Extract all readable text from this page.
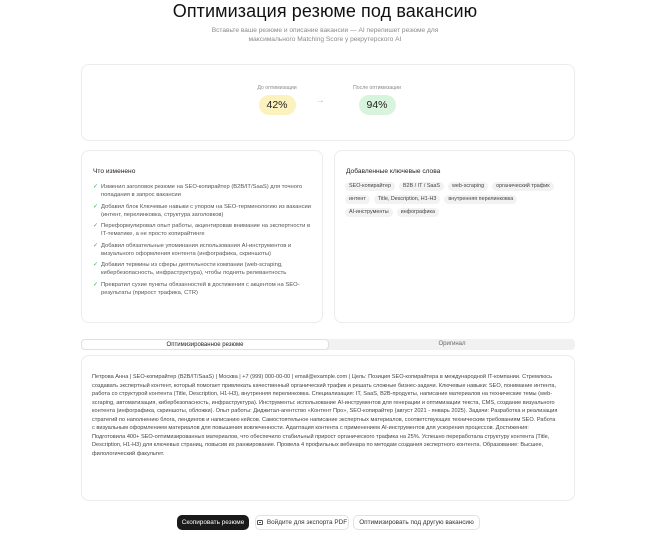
Оптимизация резюме под вакансию
Вставьте ваше резюме и описание вакансии — AI перепишет резюме для максимального Matching Score у рекрутерского AI
До оптимизации
42%	→
После оптимизации
94%
Что изменено
✓ Изменил заголовок резюме на SEO-копирайтер (B2B/IT/SaaS) для точного попадания в запрос вакансии
✓ Добавил блок Ключевые навыки с упором на SEO-терминологию из вакансии (интент, перелинковка, структура заголовков)
✓ Переформулировал опыт работы, акцентировав внимание на экспертности в IT-тематике, а не просто копирайтинге
✓ Добавил обязательные упоминания использования AI-инструментов и визуального оформления контента (инфографика, скриншоты)
✓ Добавил термины из сферы деятельности компании (web-scraping, кибербезопасность, инфраструктура), чтобы поднять релевантность
✓ Превратил сухие пункты обязанностей в достижения с акцентом на SEO-результаты (прирост трафика, CTR)
Добавленные ключевые слова
SEO-копирайтер	B2B / IT / SaaS	web-scraping	органический трафик
интент	Title, Description, H1-H3	внутренняя перелинковка
AI-инструменты	инфографика
Оптимизированное резюме	Оригинал
Петрова Анна | SEO-копирайтер (B2B/IT/SaaS) | Москва | +7 (999) 000-00-00 | email@example.com | Цель: Позиция SEO-копирайтера в международной IT-компании. Стремлюсь создавать экспертный контент, который помогает привлекать качественный органический трафик и решать сложные бизнес-задачи. Ключевые навыки: SEO, понимание интента, работа со структурой контента (Title, Description, H1-H3), внутренняя перелинковка. Специализация: IT, SaaS, B2B-продукты, написание материалов на технические темы (web-scraping, автоматизация, кибербезопасность, инфраструктура). Инструменты: использование AI-инструментов для генерации и оптимизации текста, CMS, создание визуального контента (инфографика, скриншоты, обложки). Опыт работы: Диджитал-агентство «Контент Про», SEO-копирайтер (август 2021 - январь 2025). Задачи: Разработка и реализация стратегий по наполнению блога, лендингов и написанию кейсов. Самостоятельное написание экспертных материалов, соответствующих техническим требованиям SEO. Работа с визуальным оформлением материалов для повышения вовлеченности. Адаптация контента с применением AI-инструментов для ускорения процессов. Достижения: Подготовила 400+ SEO-оптимизированных материалов, что обеспечило стабильный прирост органического трафика на 25%. Успешно переработала структуру контента (Title, Description, H1-H3) для ключевых страниц, повысив их ранжирование. Провела 4 профильных вебинара по методам создания экспертного контента. Образование: Высшее, филологический факультет.
Скопировать резюме	Войдите для экспорта PDF Оптимизировать под другую вакансию
